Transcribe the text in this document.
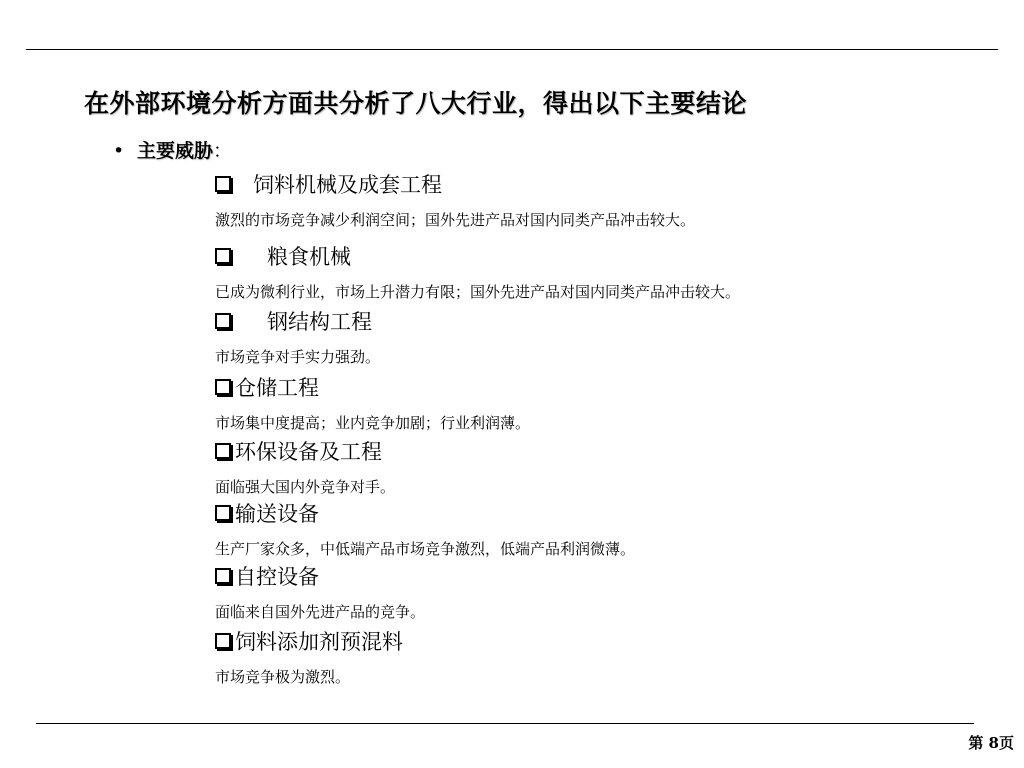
在外部环境分析方面共分析了八大行业，得出以下主要结论
• 主要威胁：
饲料机械及成套工程
激烈的市场竞争减少利润空间；国外先进产品对国内同类产品冲击较大。
粮食机械
已成为微利行业，市场上升潜力有限；国外先进产品对国内同类产品冲击较大。
钢结构工程
市场竞争对手实力强劲。
仓储工程
市场集中度提高；业内竞争加剧；行业利润薄。
环保设备及工程
面临强大国内外竞争对手。
输送设备
生产厂家众多，中低端产品市场竞争激烈，低端产品利润微薄。
自控设备
面临来自国外先进产品的竞争。
饲料添加剂预混料
市场竞争极为激烈。
第 8页
